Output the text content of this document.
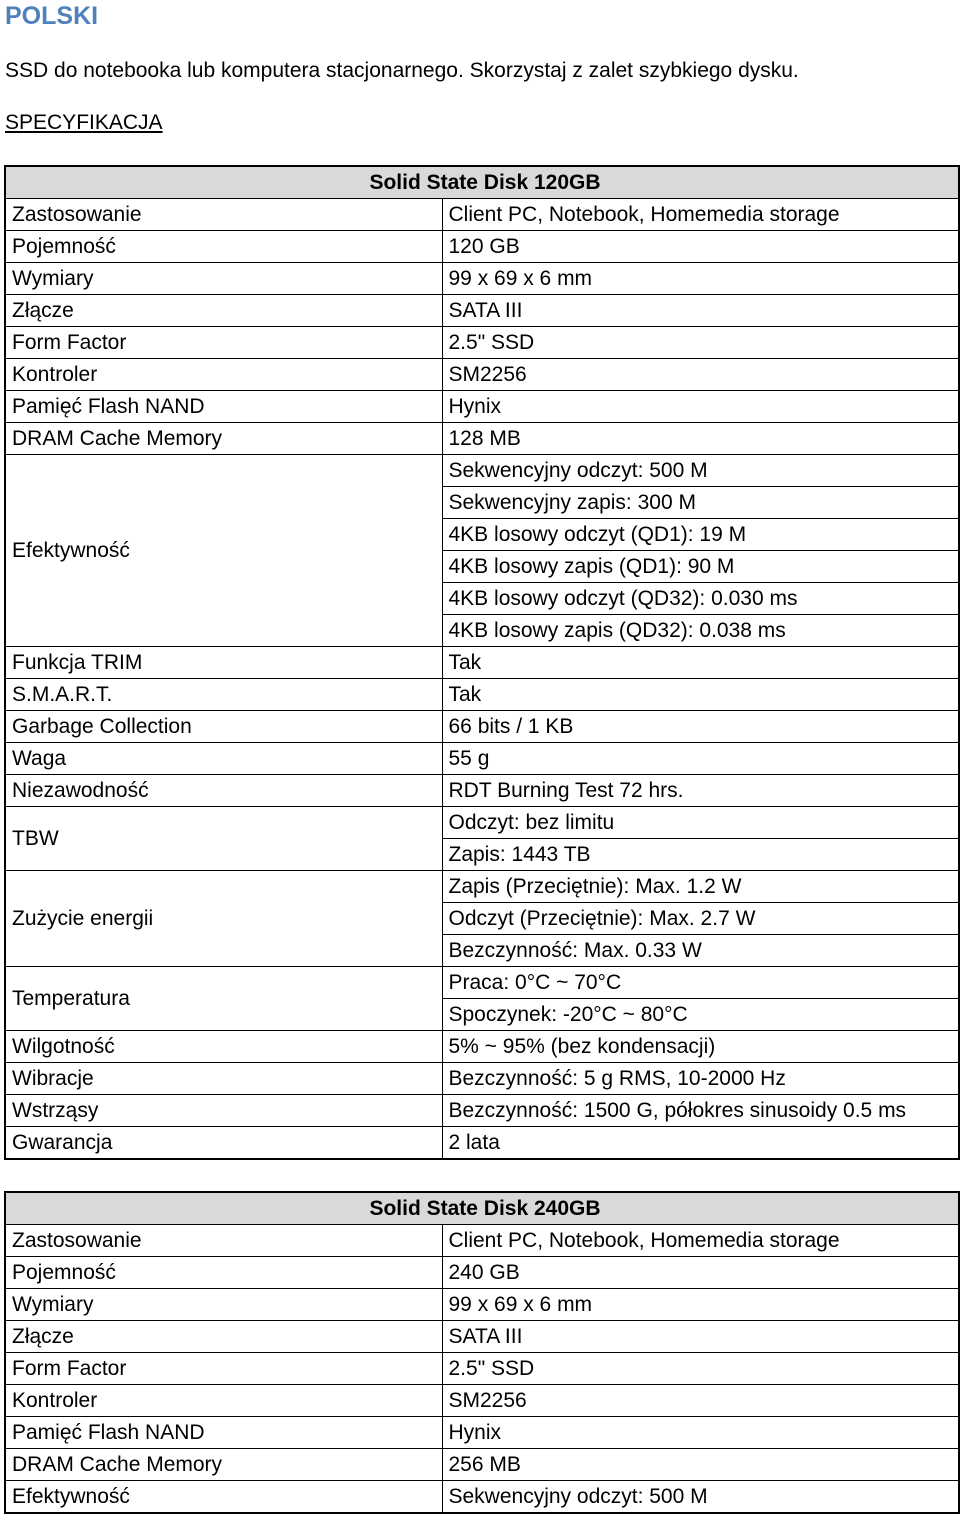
POLSKI

SSD do notebooka lub komputera stacjonarnego. Skorzystaj z zalet szybkiego dysku.

SPECYFIKACJA

Solid State Disk 120GB	
Zastosowanie	Client PC, Notebook, Homemedia storage
Pojemność	120 GB
Wymiary	99 x 69 x 6 mm
Złącze	SATA III
Form Factor	2.5" SSD
Kontroler	SM2256
Pamięć Flash NAND	Hynix
DRAM Cache Memory	128 MB
Efektywność	Sekwencyjny odczyt: 500 M
	Sekwencyjny zapis: 300 M
	4KB losowy odczyt (QD1): 19 M
	4KB losowy zapis (QD1): 90 M
	4KB losowy odczyt (QD32): 0.030 ms
	4KB losowy zapis (QD32): 0.038 ms
Funkcja TRIM	Tak
S.M.A.R.T.	Tak
Garbage Collection	66 bits / 1 KB
Waga	55 g
Niezawodność	RDT Burning Test 72 hrs.
TBW	Odczyt: bez limitu
	Zapis: 1443 TB
Zużycie energii	Zapis (Przeciętnie): Max. 1.2 W
	Odczyt (Przeciętnie): Max. 2.7 W
	Bezczynność: Max. 0.33 W
Temperatura	Praca: 0°C ~ 70°C
	Spoczynek: -20°C ~ 80°C
Wilgotność	5% ~ 95% (bez kondensacji)
Wibracje	Bezczynność: 5 g RMS, 10-2000 Hz
Wstrząsy	Bezczynność: 1500 G, półokres sinusoidy 0.5 ms
Gwarancja	2 lata
Solid State Disk 240GB	
Zastosowanie	Client PC, Notebook, Homemedia storage
Pojemność	240 GB
Wymiary	99 x 69 x 6 mm
Złącze	SATA III
Form Factor	2.5" SSD
Kontroler	SM2256
Pamięć Flash NAND	Hynix
DRAM Cache Memory	256 MB
Efektywność	Sekwencyjny odczyt: 500 M
